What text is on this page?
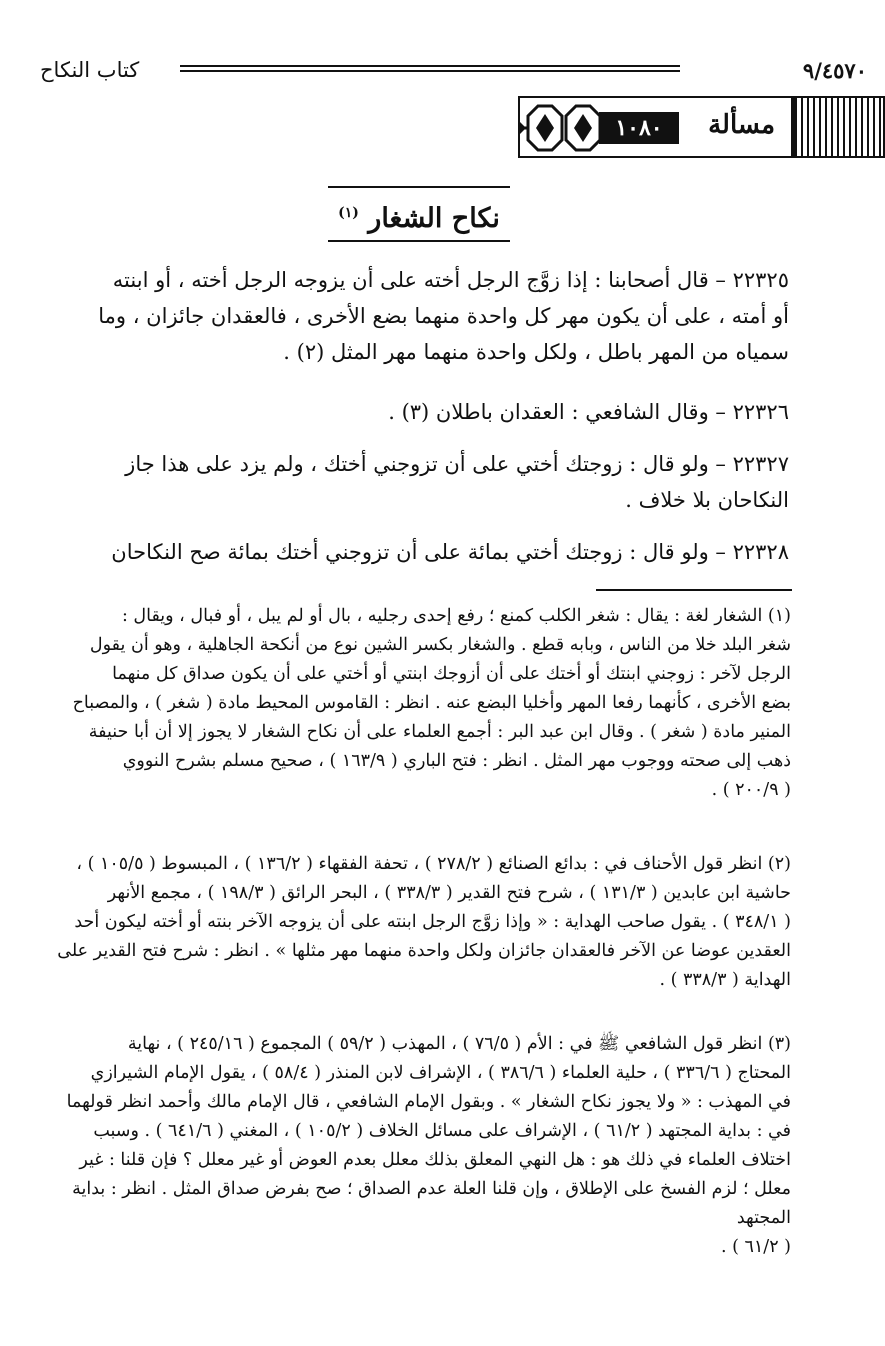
٩/٤٥٧٠
كتاب النكاح
مسألة
١٠٨٠
نكاح الشغار $^{(١)}$
٢٢٣٢٥ – قال أصحابنا : إذا زوَّج الرجل أخته على أن يزوجه الرجل أخته ، أو ابنته
أو أمته ، على أن يكون مهر كل واحدة منهما بضع الأخرى ، فالعقدان جائزان ، وما
سمياه من المهر باطل ، ولكل واحدة منهما مهر المثل (٢) .
٢٢٣٢٦ – وقال الشافعي : العقدان باطلان (٣) .
٢٢٣٢٧ – ولو قال : زوجتك أختي على أن تزوجني أختك ، ولم يزد على هذا جاز
النكاحان بلا خلاف .
٢٢٣٢٨ – ولو قال : زوجتك أختي بمائة على أن تزوجني أختك بمائة صح النكاحان
(١) الشغار لغة : يقال : شغر الكلب كمنع ؛ رفع إحدى رجليه ، بال أو لم يبل ، أو فبال ، ويقال :
شغر البلد خلا من الناس ، وبابه قطع . والشغار بكسر الشين نوع من أنكحة الجاهلية ، وهو أن يقول
الرجل لآخر : زوجني ابنتك أو أختك على أن أزوجك ابنتي أو أختي على أن يكون صداق كل منهما
بضع الأخرى ، كأنهما رفعا المهر وأخليا البضع عنه . انظر : القاموس المحيط مادة ( شغر ) ، والمصباح
المنير مادة ( شغر ) . وقال ابن عبد البر : أجمع العلماء على أن نكاح الشغار لا يجوز إلا أن أبا حنيفة
ذهب إلى صحته ووجوب مهر المثل . انظر : فتح الباري ( ١٦٣/٩ ) ، صحيح مسلم بشرح النووي
( ٢٠٠/٩ ) .
(٢) انظر قول الأحناف في : بدائع الصنائع ( ٢٧٨/٢ ) ، تحفة الفقهاء ( ١٣٦/٢ ) ، المبسوط ( ١٠٥/٥ ) ،
حاشية ابن عابدين ( ١٣١/٣ ) ، شرح فتح القدير ( ٣٣٨/٣ ) ، البحر الرائق ( ١٩٨/٣ ) ، مجمع الأنهر
( ٣٤٨/١ ) . يقول صاحب الهداية : « وإذا زوَّج الرجل ابنته على أن يزوجه الآخر بنته أو أخته ليكون أحد
العقدين عوضا عن الآخر فالعقدان جائزان ولكل واحدة منهما مهر مثلها » . انظر : شرح فتح القدير على
الهداية ( ٣٣٨/٣ ) .
(٣) انظر قول الشافعي ﷺ في : الأم ( ٧٦/٥ ) ، المهذب ( ٥٩/٢ ) المجموع ( ٢٤٥/١٦ ) ، نهاية
المحتاج ( ٣٣٦/٦ ) ، حلية العلماء ( ٣٨٦/٦ ) ، الإشراف لابن المنذر ( ٥٨/٤ ) ، يقول الإمام الشيرازي
في المهذب : « ولا يجوز نكاح الشغار » . وبقول الإمام الشافعي ، قال الإمام مالك وأحمد انظر قولهما
في : بداية المجتهد ( ٦١/٢ ) ، الإشراف على مسائل الخلاف ( ١٠٥/٢ ) ، المغني ( ٦٤١/٦ ) . وسبب
اختلاف العلماء في ذلك هو : هل النهي المعلق بذلك معلل بعدم العوض أو غير معلل ؟ فإن قلنا : غير
معلل ؛ لزم الفسخ على الإطلاق ، وإن قلنا العلة عدم الصداق ؛ صح بفرض صداق المثل . انظر : بداية المجتهد
( ٦١/٢ ) .
